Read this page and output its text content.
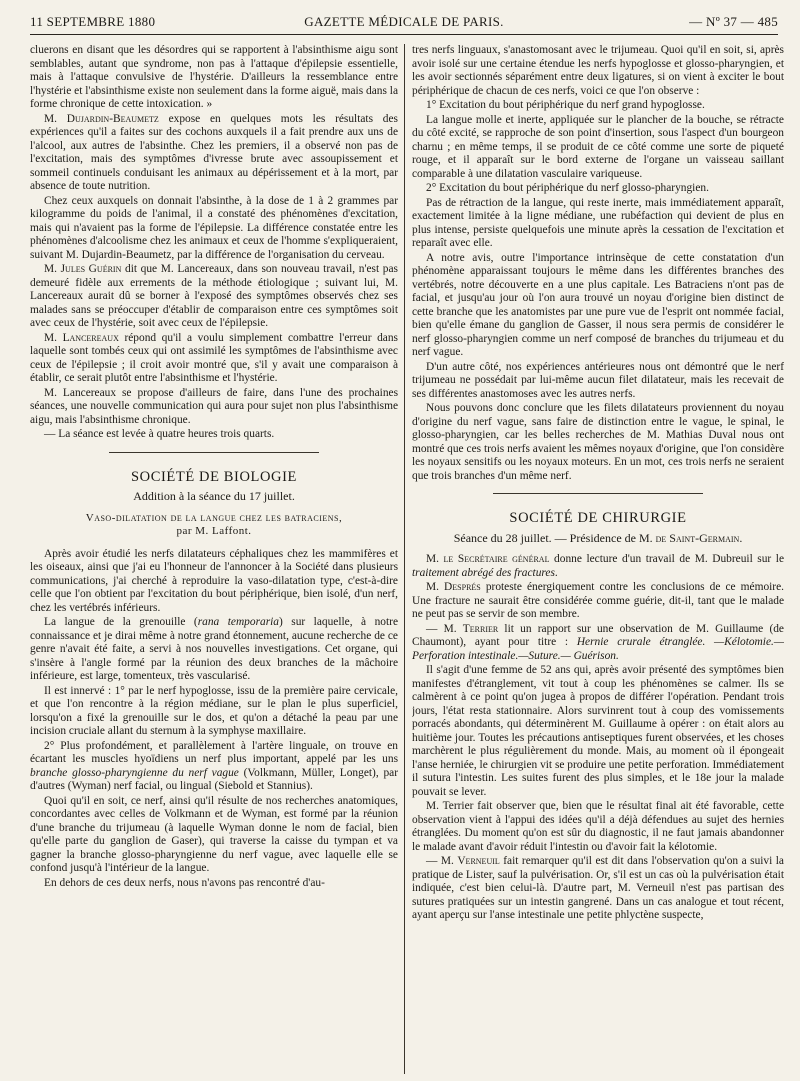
11 SEPTEMBRE 1880	GAZETTE MÉDICALE DE PARIS.	— Nº 37 — 485

cluerons en disant que les désordres qui se rapportent à l'absinthisme aigu sont semblables, autant que syndrome, non pas à l'attaque d'épilepsie essentielle, mais à l'attaque convulsive de l'hystérie. D'ailleurs la ressemblance entre l'hystérie et l'absinthisme existe non seulement dans la forme aiguë, mais dans la forme chronique de cette intoxication. »

M. Dujardin-Beaumetz expose en quelques mots les résultats des expériences qu'il a faites sur des cochons auxquels il a fait prendre aux uns de l'alcool, aux autres de l'absinthe. Chez les premiers, il a observé non pas de l'excitation, mais des symptômes d'ivresse brute avec assoupissement et sommeil continuels conduisant les animaux au dépérissement et à la mort, par absence de toute nutrition.

Chez ceux auxquels on donnait l'absinthe, à la dose de 1 à 2 grammes par kilogramme du poids de l'animal, il a constaté des phénomènes d'excitation, mais qui n'avaient pas la forme de l'épilepsie. La différence constatée entre les phénomènes d'alcoolisme chez les animaux et ceux de l'homme s'expliqueraient, suivant M. Dujardin-Beaumetz, par la différence de l'organisation du cerveau.

M. Jules Guérin dit que M. Lancereaux, dans son nouveau travail, n'est pas demeuré fidèle aux errements de la méthode étiologique ; suivant lui, M. Lancereaux aurait dû se borner à l'exposé des symptômes observés chez ses malades sans se préoccuper d'établir de comparaison entre ces symptômes soit avec ceux de l'hystérie, soit avec ceux de l'épilepsie.

M. Lancereaux répond qu'il a voulu simplement combattre l'erreur dans laquelle sont tombés ceux qui ont assimilé les symptômes de l'absinthisme avec ceux de l'épilepsie ; il croit avoir montré que, s'il y avait une comparaison à établir, ce serait plutôt entre l'absinthisme et l'hystérie.

M. Lancereaux se propose d'ailleurs de faire, dans l'une des prochaines séances, une nouvelle communication qui aura pour sujet non plus l'absinthisme aigu, mais l'absinthisme chronique.

— La séance est levée à quatre heures trois quarts.

SOCIÉTÉ DE BIOLOGIE
Addition à la séance du 17 juillet.
Vaso-dilatation de la langue chez les batraciens,
par M. Laffont.

Après avoir étudié les nerfs dilatateurs céphaliques chez les mammifères et les oiseaux, ainsi que j'ai eu l'honneur de l'annoncer à la Société dans plusieurs communications, j'ai cherché à reproduire la vaso-dilatation type, c'est-à-dire celle que l'on obtient par l'excitation du bout périphérique, bien isolé, d'un nerf, chez les vertébrés inférieurs.

La langue de la grenouille (rana temporaria) sur laquelle, à notre connaissance et je dirai même à notre grand étonnement, aucune recherche de ce genre n'avait été faite, a servi à nos nouvelles investigations. Cet organe, qui s'insère à l'angle formé par la réunion des deux branches de la mâchoire inférieure, est large, tomenteux, très vascularisé.

Il est innervé : 1° par le nerf hypoglosse, issu de la première paire cervicale, et que l'on rencontre à la région médiane, sur le plan le plus superficiel, lorsqu'on a fixé la grenouille sur le dos, et qu'on a détaché la peau par une incision cruciale allant du sternum à la symphyse maxillaire.

2° Plus profondément, et parallèlement à l'artère linguale, on trouve en écartant les muscles hyoïdiens un nerf plus important, appelé par les uns branche glosso-pharyngienne du nerf vague (Volkmann, Müller, Longet), par d'autres (Wyman) nerf facial, ou lingual (Siebold et Stannius).

Quoi qu'il en soit, ce nerf, ainsi qu'il résulte de nos recherches anatomiques, concordantes avec celles de Volkmann et de Wyman, est formé par la réunion d'une branche du trijumeau (à laquelle Wyman donne le nom de facial, bien qu'elle parte du ganglion de Gaser), qui traverse la caisse du tympan et va gagner la branche glosso-pharyngienne du nerf vague, avec laquelle elle se confond jusqu'à l'intérieur de la langue.

En dehors de ces deux nerfs, nous n'avons pas rencontré d'au-

tres nerfs linguaux, s'anastomosant avec le trijumeau. Quoi qu'il en soit, si, après avoir isolé sur une certaine étendue les nerfs hypoglosse et glosso-pharyngien, et les avoir sectionnés séparément entre deux ligatures, si on vient à exciter le bout périphérique de chacun de ces nerfs, voici ce que l'on observe :

1° Excitation du bout périphérique du nerf grand hypoglosse.

La langue molle et inerte, appliquée sur le plancher de la bouche, se rétracte du côté excité, se rapproche de son point d'insertion, sous l'aspect d'un bourgeon charnu ; en même temps, il se produit de ce côté comme une sorte de piqueté rouge, et il apparaît sur le bord externe de l'organe un vaisseau saillant comparable à une dilatation vasculaire variqueuse.

2° Excitation du bout périphérique du nerf glosso-pharyngien.

Pas de rétraction de la langue, qui reste inerte, mais immédiatement apparaît, exactement limitée à la ligne médiane, une rubéfaction qui devient de plus en plus intense, persiste quelquefois une minute après la cessation de l'excitation et reparaît avec elle.

A notre avis, outre l'importance intrinsèque de cette constatation d'un phénomène apparaissant toujours le même dans les différentes branches des vertébrés, notre découverte en a une plus capitale. Les Batraciens n'ont pas de facial, et jusqu'au jour où l'on aura trouvé un noyau d'origine bien distinct de cette branche que les anatomistes par une pure vue de l'esprit ont nommée facial, bien qu'elle émane du ganglion de Gasser, il nous sera permis de considérer le nerf glosso-pharyngien comme un nerf composé de branches du trijumeau et du nerf vague.

D'un autre côté, nos expériences antérieures nous ont démontré que le nerf trijumeau ne possédait par lui-même aucun filet dilatateur, mais les recevait de ses différentes anastomoses avec les autres nerfs.

Nous pouvons donc conclure que les filets dilatateurs proviennent du noyau d'origine du nerf vague, sans faire de distinction entre le vague, le spinal, le glosso-pharyngien, car les belles recherches de M. Mathias Duval nous ont montré que ces trois nerfs avaient les mêmes noyaux d'origine, que l'on considère les noyaux sensitifs ou les noyaux moteurs. En un mot, ces trois nerfs ne seraient que trois branches d'un même nerf.

SOCIÉTÉ DE CHIRURGIE
Séance du 28 juillet. — Présidence de M. de Saint-Germain.

M. le Secrétaire général donne lecture d'un travail de M. Dubreuil sur le traitement abrégé des fractures.

M. Després proteste énergiquement contre les conclusions de ce mémoire. Une fracture ne saurait être considérée comme guérie, dit-il, tant que le malade ne peut pas se servir de son membre.

— M. Terrier lit un rapport sur une observation de M. Guillaume (de Chaumont), ayant pour titre : Hernie crurale étranglée. —Kélotomie.—Perforation intestinale.—Suture.— Guérison.

Il s'agit d'une femme de 52 ans qui, après avoir présenté des symptômes bien manifestes d'étranglement, vit tout à coup les phénomènes se calmer. Ils se calmèrent à ce point qu'on jugea à propos de différer l'opération. Pendant trois jours, l'état resta stationnaire. Alors survinrent tout à coup des vomissements porracés abondants, qui déterminèrent M. Guillaume à opérer : on était alors au huitième jour. Toutes les précautions antiseptiques furent observées, et les choses marchèrent le plus régulièrement du monde. Mais, au moment où il épongeait l'anse herniée, le chirurgien vit se produire une petite perforation. Immédiatement il sutura l'intestin. Les suites furent des plus simples, et le 18e jour la malade pouvait se lever.

M. Terrier fait observer que, bien que le résultat final ait été favorable, cette observation vient à l'appui des idées qu'il a déjà défendues au sujet des hernies étranglées. Du moment qu'on est sûr du diagnostic, il ne faut jamais abandonner le malade avant d'avoir réduit l'intestin ou d'avoir fait la kélotomie.

— M. Verneuil fait remarquer qu'il est dit dans l'observation qu'on a suivi la pratique de Lister, sauf la pulvérisation. Or, s'il est un cas où la pulvérisation était indiquée, c'est bien celui-là. D'autre part, M. Verneuil n'est pas partisan des sutures pratiquées sur un intestin gangrené. Dans un cas analogue et tout récent, ayant aperçu sur l'anse intestinale une petite phlyctène suspecte,
